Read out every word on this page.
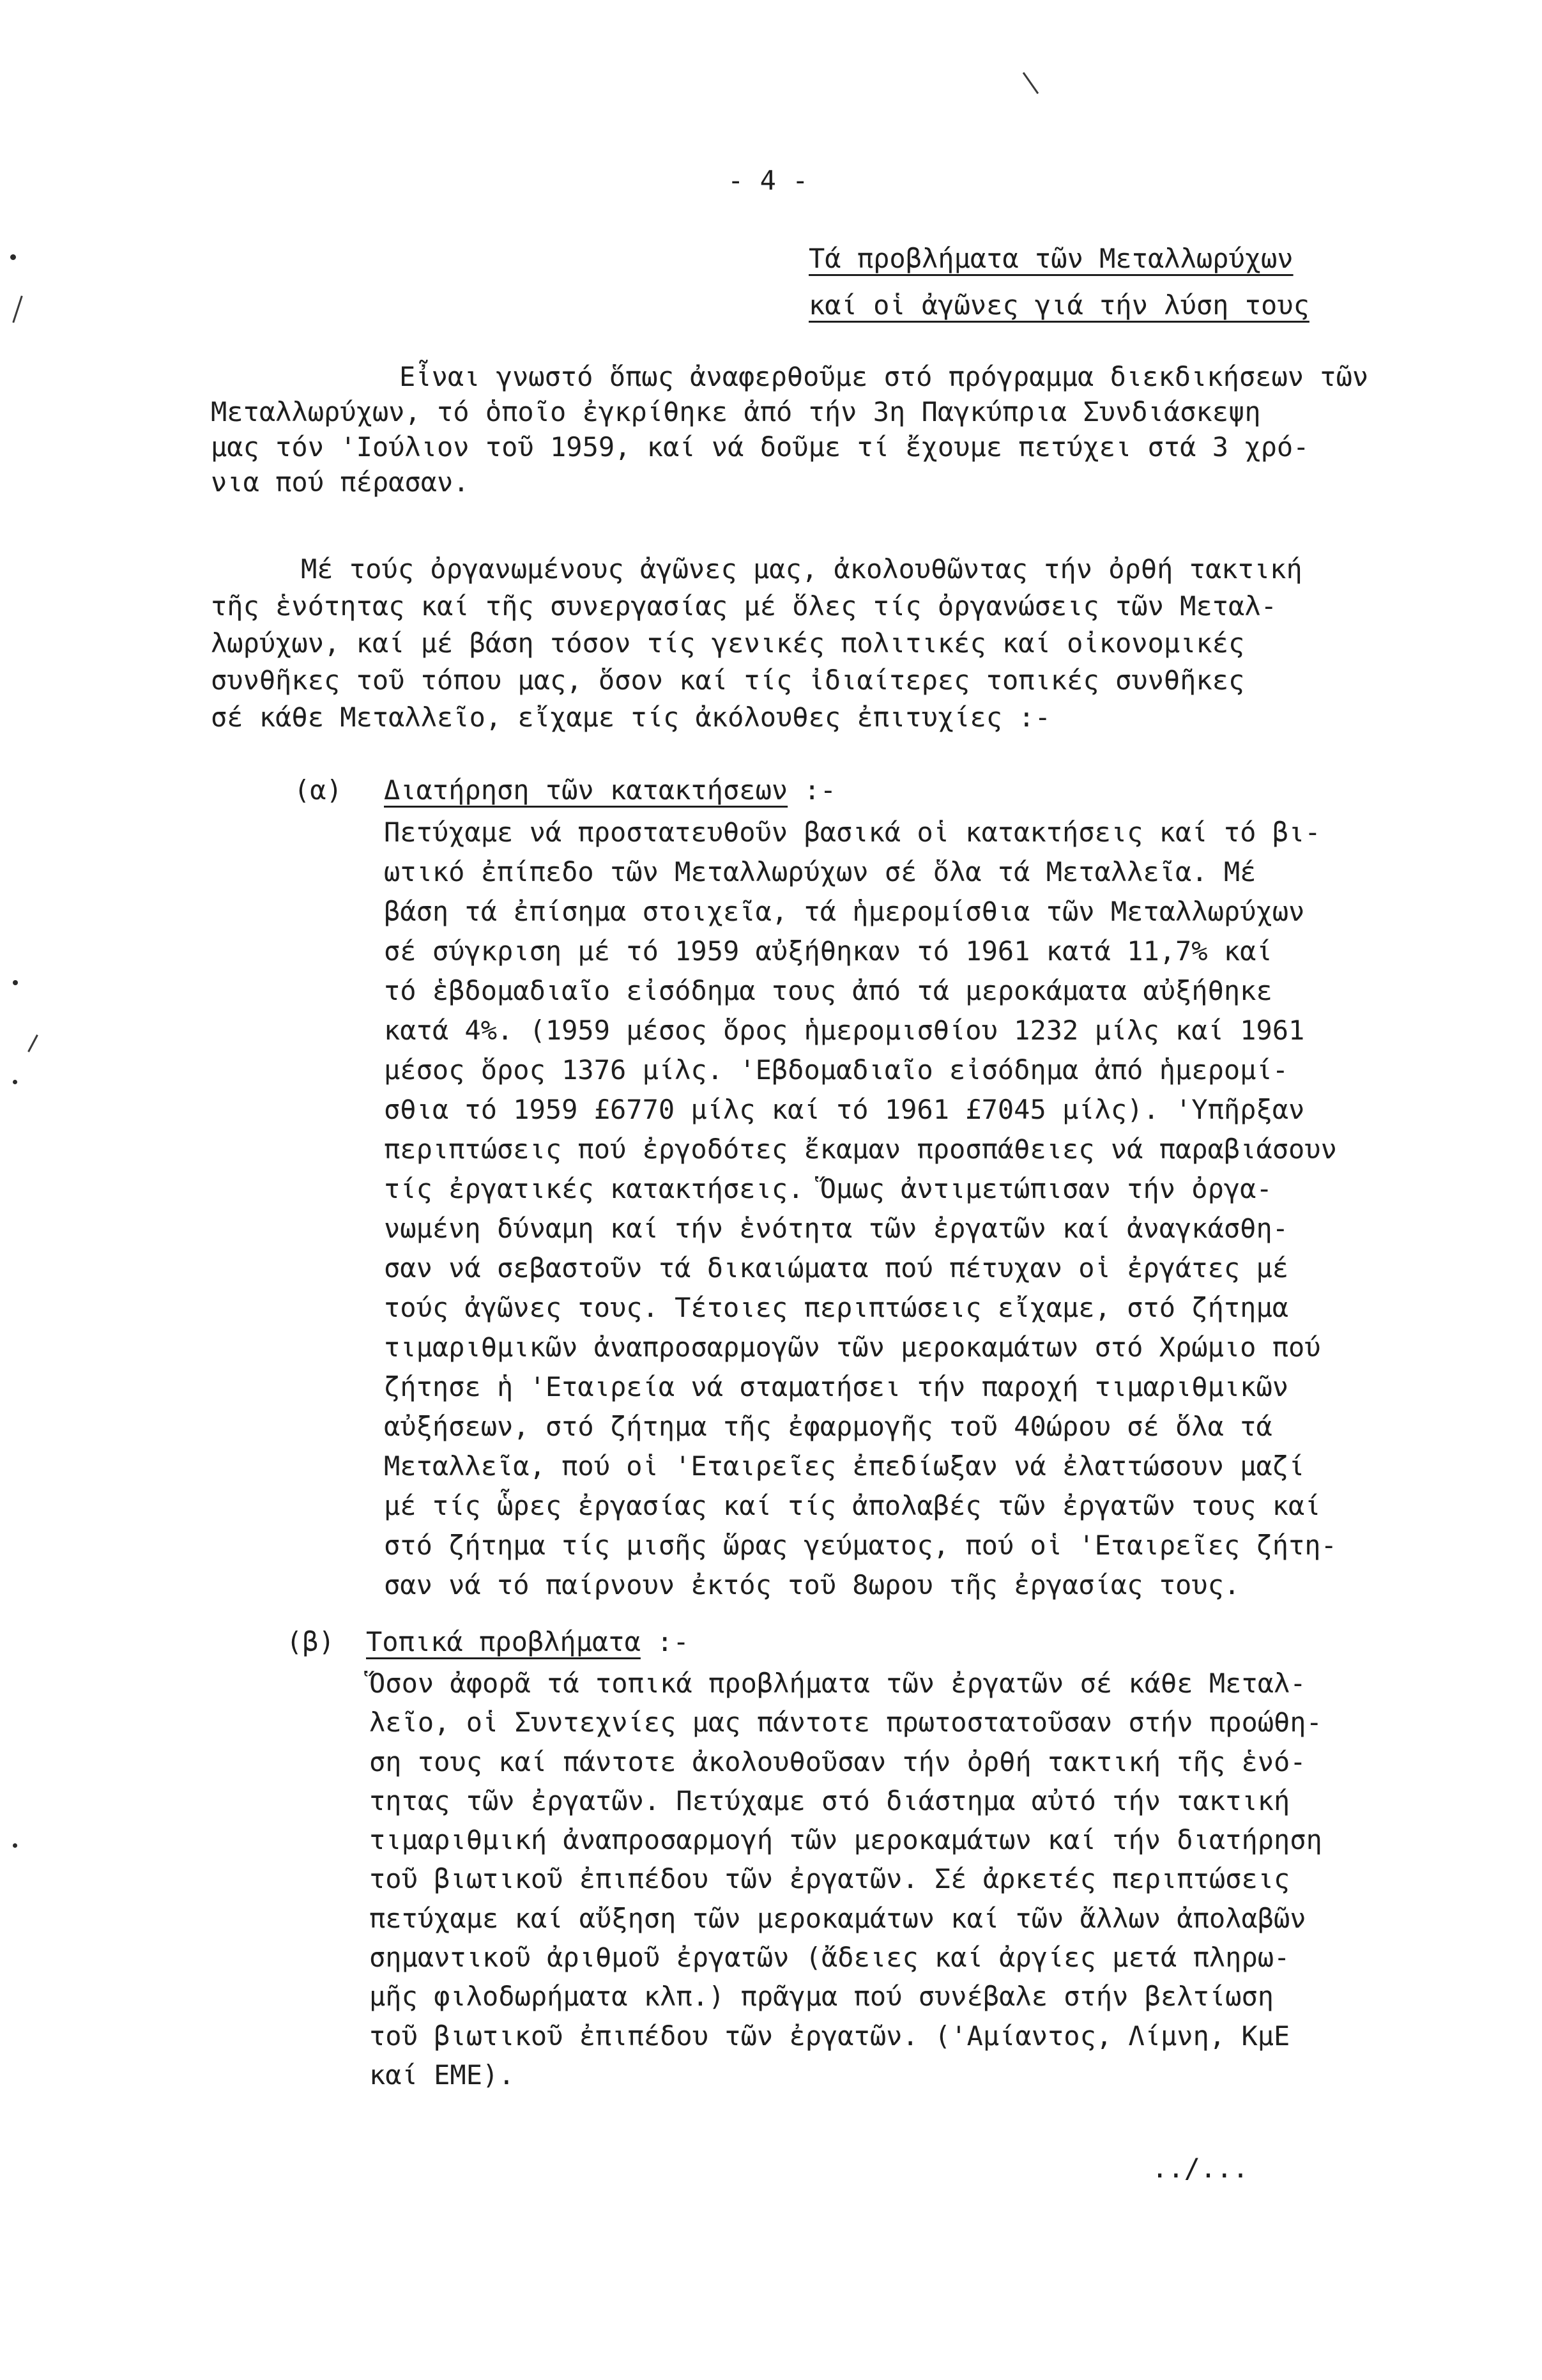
- 4 -
Τά προβλήματα τῶν Μεταλλωρύχων
καί οἱ ἀγῶνες γιά τήν λύση τους
Εἶναι γνωστό ὅπως ἀναφερθοῦμε στό πρόγραμμα διεκδικήσεων τῶν
Μεταλλωρύχων, τό ὁποῖο ἐγκρίθηκε ἀπό τήν 3η Παγκύπρια Συνδιάσκεψη
μας τόν 'Ιούλιον τοῦ 1959, καί νά δοῦμε τί ἔχουμε πετύχει στά 3 χρό-
νια πού πέρασαν.
Μέ τούς ὀργανωμένους ἀγῶνες μας, ἀκολουθῶντας τήν ὀρθή τακτική
τῆς ἑνότητας καί τῆς συνεργασίας μέ ὅλες τίς ὀργανώσεις τῶν Μεταλ-
λωρύχων, καί μέ βάση τόσον τίς γενικές πολιτικές καί οἰκονομικές
συνθῆκες τοῦ τόπου μας, ὅσον καί τίς ἰδιαίτερες τοπικές συνθῆκες
σέ κάθε Μεταλλεῖο, εἴχαμε τίς ἀκόλουθες ἐπιτυχίες :-
(α) Διατήρηση τῶν κατακτήσεων :-
Πετύχαμε νά προστατευθοῦν βασικά οἱ κατακτήσεις καί τό βι-
ωτικό ἐπίπεδο τῶν Μεταλλωρύχων σέ ὅλα τά Μεταλλεῖα. Μέ
βάση τά ἐπίσημα στοιχεῖα, τά ἡμερομίσθια τῶν Μεταλλωρύχων
σέ σύγκριση μέ τό 1959 αὐξήθηκαν τό 1961 κατά 11,7% καί
τό ἑβδομαδιαῖο εἰσόδημα τους ἀπό τά μεροκάματα αὐξήθηκε
κατά 4%. (1959 μέσος ὅρος ἡμερομισθίου 1232 μίλς καί 1961
μέσος ὅρος 1376 μίλς. 'Εβδομαδιαῖο εἰσόδημα ἀπό ἡμερομί-
σθια τό 1959 £6770 μίλς καί τό 1961 £7045 μίλς). 'Υπῆρξαν
περιπτώσεις πού ἐργοδότες ἔκαμαν προσπάθειες νά παραβιάσουν
τίς ἐργατικές κατακτήσεις. Ὅμως ἀντιμετώπισαν τήν ὀργα-
νωμένη δύναμη καί τήν ἑνότητα τῶν ἐργατῶν καί ἀναγκάσθη-
σαν νά σεβαστοῦν τά δικαιώματα πού πέτυχαν οἱ ἐργάτες μέ
τούς ἀγῶνες τους. Τέτοιες περιπτώσεις εἴχαμε, στό ζήτημα
τιμαριθμικῶν ἀναπροσαρμογῶν τῶν μεροκαμάτων στό Χρώμιο πού
ζήτησε ἡ 'Εταιρεία νά σταματήσει τήν παροχή τιμαριθμικῶν
αὐξήσεων, στό ζήτημα τῆς ἐφαρμογῆς τοῦ 40ώρου σέ ὅλα τά
Μεταλλεῖα, πού οἱ 'Εταιρεῖες ἐπεδίωξαν νά ἐλαττώσουν μαζί
μέ τίς ὧρες ἐργασίας καί τίς ἀπολαβές τῶν ἐργατῶν τους καί
στό ζήτημα τίς μισῆς ὥρας γεύματος, πού οἱ 'Εταιρεῖες ζήτη-
σαν νά τό παίρνουν ἐκτός τοῦ 8ωρου τῆς ἐργασίας τους.
(β) Τοπικά προβλήματα :-
Ὅσον ἀφορᾶ τά τοπικά προβλήματα τῶν ἐργατῶν σέ κάθε Μεταλ-
λεῖο, οἱ Συντεχνίες μας πάντοτε πρωτοστατοῦσαν στήν προώθη-
ση τους καί πάντοτε ἀκολουθοῦσαν τήν ὀρθή τακτική τῆς ἑνό-
τητας τῶν ἐργατῶν. Πετύχαμε στό διάστημα αὐτό τήν τακτική
τιμαριθμική ἀναπροσαρμογή τῶν μεροκαμάτων καί τήν διατήρηση
τοῦ βιωτικοῦ ἐπιπέδου τῶν ἐργατῶν. Σέ ἀρκετές περιπτώσεις
πετύχαμε καί αὔξηση τῶν μεροκαμάτων καί τῶν ἄλλων ἀπολαβῶν
σημαντικοῦ ἀριθμοῦ ἐργατῶν (ἄδειες καί ἀργίες μετά πληρω-
μῆς φιλοδωρήματα κλπ.) πρᾶγμα πού συνέβαλε στήν βελτίωση
τοῦ βιωτικοῦ ἐπιπέδου τῶν ἐργατῶν. ('Αμίαντος, Λίμνη, ΚμΕ
καί ΕΜΕ).
../...
